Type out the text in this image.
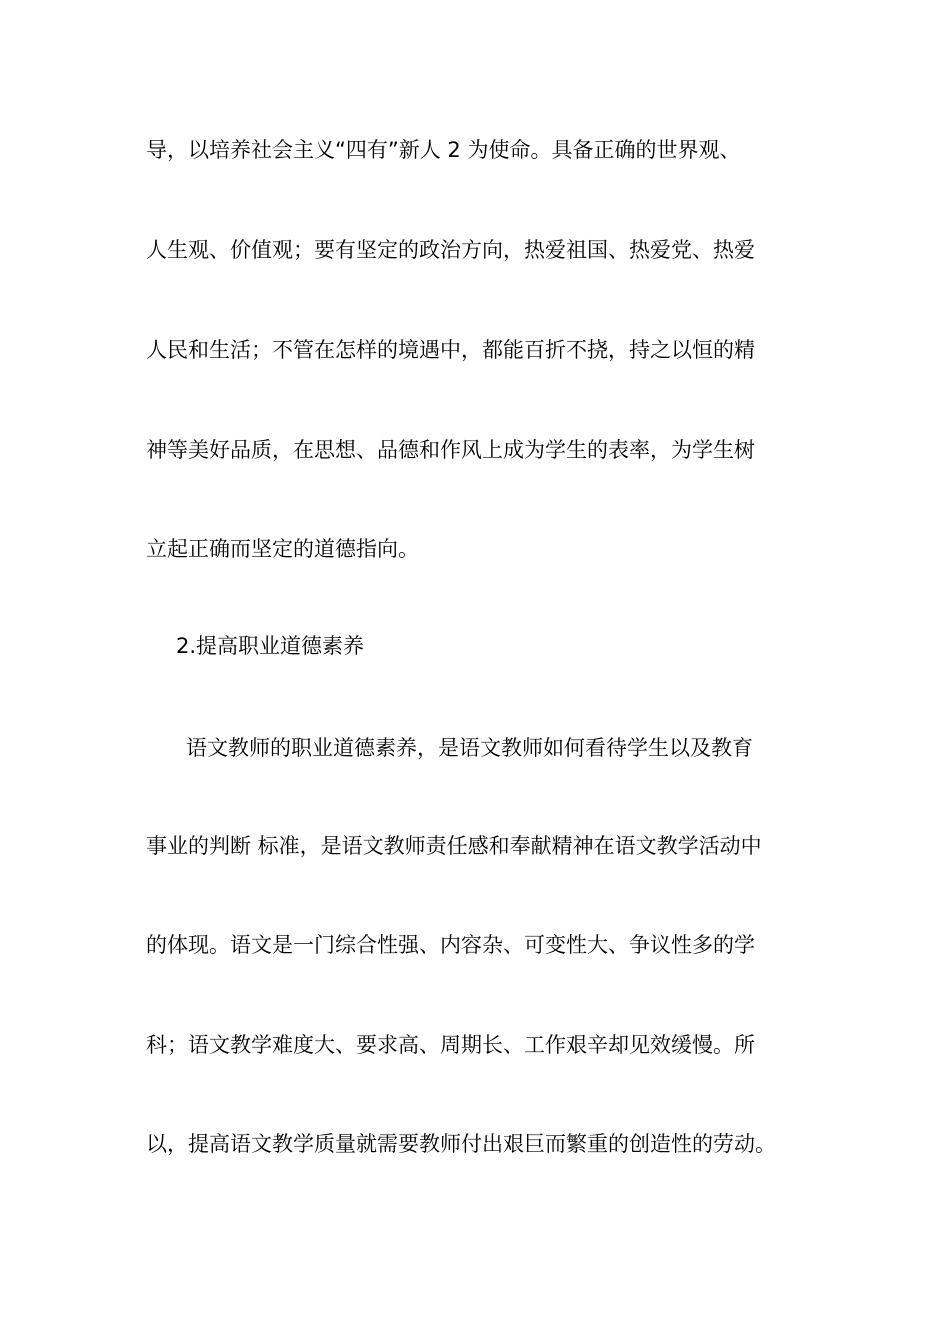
导，以培养社会主义“四有”新人 2 为使命。具备正确的世界观、
人生观、价值观；要有坚定的政治方向，热爱祖国、热爱党、热爱
人民和生活；不管在怎样的境遇中，都能百折不挠，持之以恒的精
神等美好品质，在思想、品德和作风上成为学生的表率，为学生树
立起正确而坚定的道德指向。
2.提高职业道德素养
语文教师的职业道德素养，是语文教师如何看待学生以及教育
事业的判断 标准，是语文教师责任感和奉献精神在语文教学活动中
的体现。语文是一门综合性强、内容杂、可变性大、争议性多的学
科；语文教学难度大、要求高、周期长、工作艰辛却见效缓慢。所
以，提高语文教学质量就需要教师付出艰巨而繁重的创造性的劳动。
